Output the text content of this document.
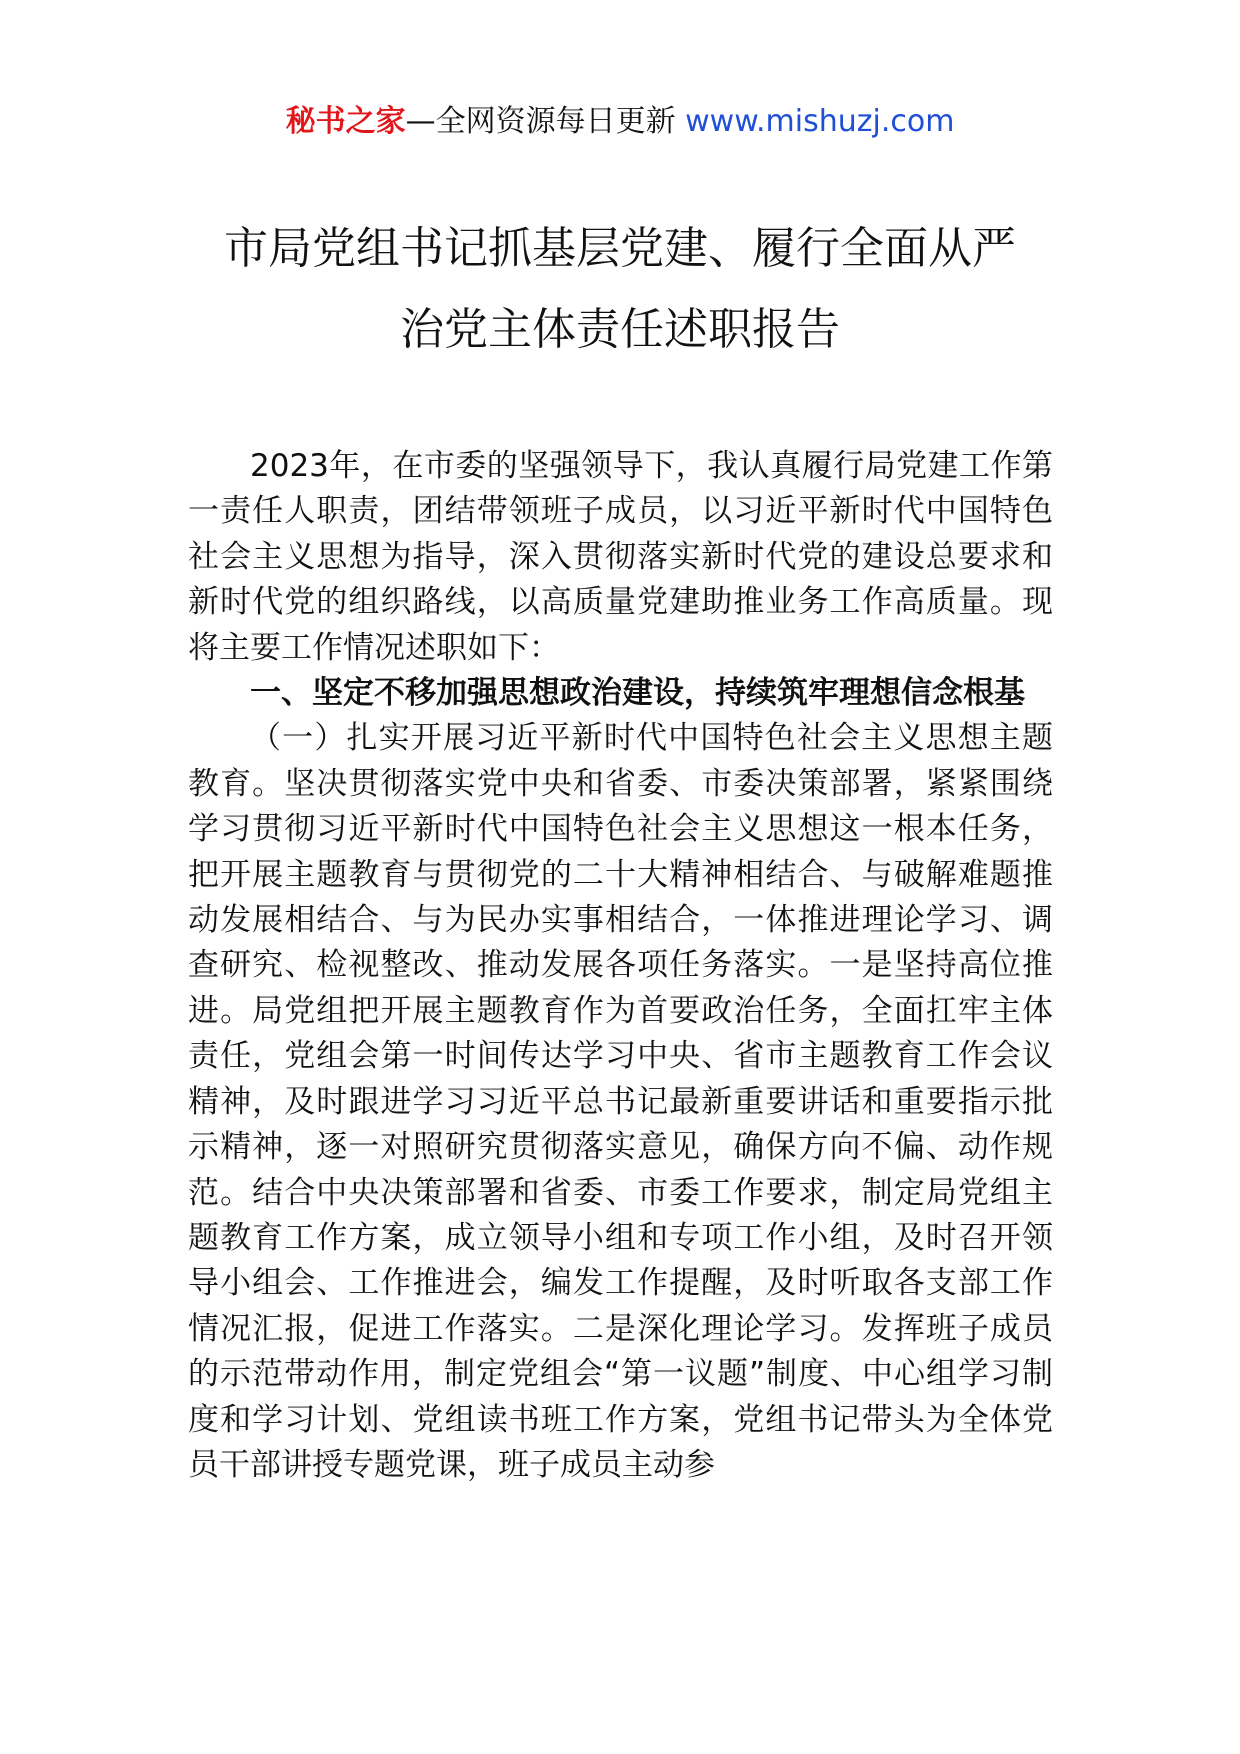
秘书之家—全网资源每日更新 www.mishuzj.com
市局党组书记抓基层党建、履行全面从严
治党主体责任述职报告

2023年，在市委的坚强领导下，我认真履行局党建工作第一责任人职责，团结带领班子成员，以习近平新时代中国特色社会主义思想为指导，深入贯彻落实新时代党的建设总要求和新时代党的组织路线，以高质量党建助推业务工作高质量。现将主要工作情况述职如下：

一、坚定不移加强思想政治建设，持续筑牢理想信念根基

（一）扎实开展习近平新时代中国特色社会主义思想主题教育。坚决贯彻落实党中央和省委、市委决策部署，紧紧围绕学习贯彻习近平新时代中国特色社会主义思想这一根本任务，把开展主题教育与贯彻党的二十大精神相结合、与破解难题推动发展相结合、与为民办实事相结合，一体推进理论学习、调查研究、检视整改、推动发展各项任务落实。一是坚持高位推进。局党组把开展主题教育作为首要政治任务，全面扛牢主体责任，党组会第一时间传达学习中央、省市主题教育工作会议精神，及时跟进学习习近平总书记最新重要讲话和重要指示批示精神，逐一对照研究贯彻落实意见，确保方向不偏、动作规范。结合中央决策部署和省委、市委工作要求，制定局党组主题教育工作方案，成立领导小组和专项工作小组，及时召开领导小组会、工作推进会，编发工作提醒，及时听取各支部工作情况汇报，促进工作落实。二是深化理论学习。发挥班子成员的示范带动作用，制定党组会“第一议题”制度、中心组学习制度和学习计划、党组读书班工作方案，党组书记带头为全体党员干部讲授专题党课，班子成员主动参
